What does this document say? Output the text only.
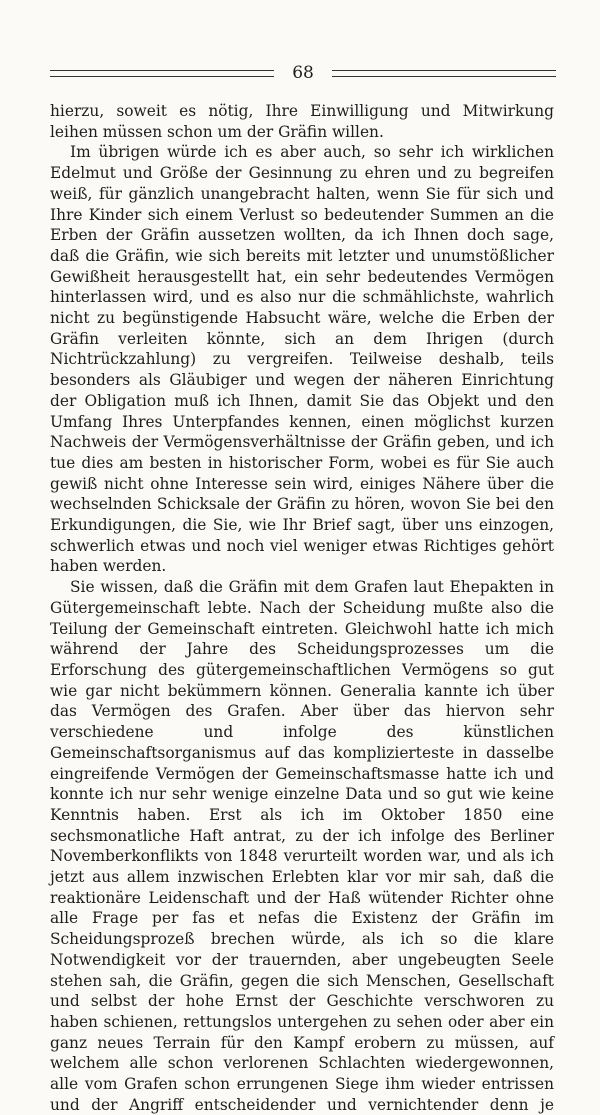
68

hierzu, soweit es nötig, Ihre Einwilligung und Mitwirkung leihen müssen schon um der Gräfin willen.

Im übrigen würde ich es aber auch, so sehr ich wirklichen Edelmut und Größe der Gesinnung zu ehren und zu begreifen weiß, für gänzlich unangebracht halten, wenn Sie für sich und Ihre Kinder sich einem Verlust so bedeutender Summen an die Erben der Gräfin aussetzen wollten, da ich Ihnen doch sage, daß die Gräfin, wie sich bereits mit letzter und unumstößlicher Gewißheit herausgestellt hat, ein sehr bedeutendes Vermögen hinterlassen wird, und es also nur die schmählichste, wahrlich nicht zu begünstigende Habsucht wäre, welche die Erben der Gräfin verleiten könnte, sich an dem Ihrigen (durch Nichtrückzahlung) zu vergreifen. Teilweise deshalb, teils besonders als Gläubiger und wegen der näheren Einrichtung der Obligation muß ich Ihnen, damit Sie das Objekt und den Umfang Ihres Unterpfandes kennen, einen möglichst kurzen Nachweis der Vermögensverhältnisse der Gräfin geben, und ich tue dies am besten in historischer Form, wobei es für Sie auch gewiß nicht ohne Interesse sein wird, einiges Nähere über die wechselnden Schicksale der Gräfin zu hören, wovon Sie bei den Erkundigungen, die Sie, wie Ihr Brief sagt, über uns einzogen, schwerlich etwas und noch viel weniger etwas Richtiges gehört haben werden.

Sie wissen, daß die Gräfin mit dem Grafen laut Ehepakten in Gütergemeinschaft lebte. Nach der Scheidung mußte also die Teilung der Gemeinschaft eintreten. Gleichwohl hatte ich mich während der Jahre des Scheidungsprozesses um die Erforschung des gütergemeinschaftlichen Vermögens so gut wie gar nicht bekümmern können. Generalia kannte ich über das Vermögen des Grafen. Aber über das hiervon sehr verschiedene und infolge des künstlichen Gemeinschaftsorganismus auf das komplizierteste in dasselbe eingreifende Vermögen der Gemeinschaftsmasse hatte ich und konnte ich nur sehr wenige einzelne Data und so gut wie keine Kenntnis haben. Erst als ich im Oktober 1850 eine sechsmonatliche Haft antrat, zu der ich infolge des Berliner Novemberkonflikts von 1848 verurteilt worden war, und als ich jetzt aus allem inzwischen Erlebten klar vor mir sah, daß die reaktionäre Leidenschaft und der Haß wütender Richter ohne alle Frage per fas et nefas die Existenz der Gräfin im Scheidungsprozeß brechen würde, als ich so die klare Notwendigkeit vor der trauernden, aber ungebeugten Seele stehen sah, die Gräfin, gegen die sich Menschen, Gesellschaft und selbst der hohe Ernst der Geschichte verschworen zu haben schienen, rettungslos untergehen zu sehen oder aber ein ganz neues Terrain für den Kampf erobern zu müssen, auf welchem alle schon verlorenen Schlachten wiedergewonnen, alle vom Grafen schon errungenen Siege ihm wieder entrissen und der Angriff entscheidender und vernichtender denn je
